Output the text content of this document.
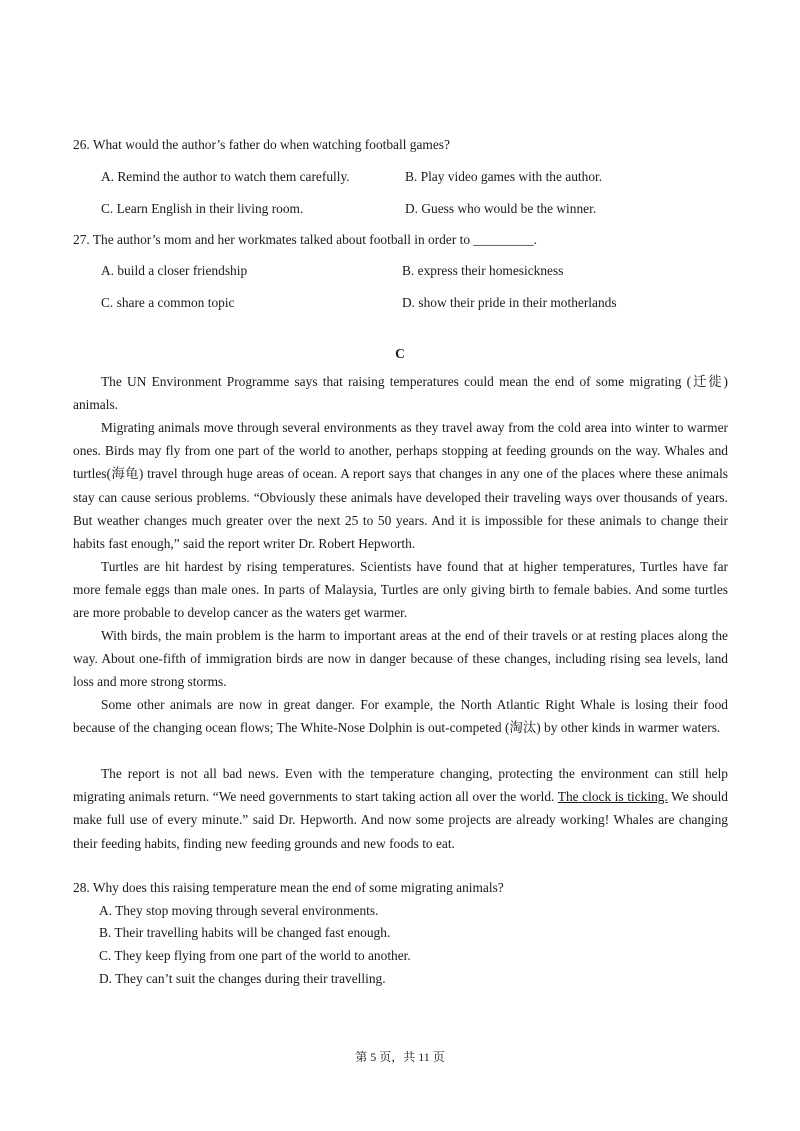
26. What would the author’s father do when watching football games?
A. Remind the author to watch them carefully.	B. Play video games with the author.
C. Learn English in their living room.	D. Guess who would be the winner.
27. The author’s mom and her workmates talked about football in order to _________.
A. build a closer friendship	B. express their homesickness
C. share a common topic	D. show their pride in their motherlands
C

The UN Environment Programme says that raising temperatures could mean the end of some migrating (迁徙) animals.

Migrating animals move through several environments as they travel away from the cold area into winter to warmer ones. Birds may fly from one part of the world to another, perhaps stopping at feeding grounds on the way. Whales and turtles(海龟) travel through huge areas of ocean. A report says that changes in any one of the places where these animals stay can cause serious problems. “Obviously these animals have developed their traveling ways over thousands of years. But weather changes much greater over the next 25 to 50 years. And it is impossible for these animals to change their habits fast enough,” said the report writer Dr. Robert Hepworth.

Turtles are hit hardest by rising temperatures. Scientists have found that at higher temperatures, Turtles have far more female eggs than male ones. In parts of Malaysia, Turtles are only giving birth to female babies. And some turtles are more probable to develop cancer as the waters get warmer.

With birds, the main problem is the harm to important areas at the end of their travels or at resting places along the way. About one-fifth of immigration birds are now in danger because of these changes, including rising sea levels, land loss and more strong storms.

Some other animals are now in great danger. For example, the North Atlantic Right Whale is losing their food because of the changing ocean flows; The White-Nose Dolphin is out-competed (淘汰) by other kinds in warmer waters.

The report is not all bad news. Even with the temperature changing, protecting the environment can still help migrating animals return. “We need governments to start taking action all over the world. The clock is ticking. We should make full use of every minute.” said Dr. Hepworth. And now some projects are already working! Whales are changing their feeding habits, finding new feeding grounds and new foods to eat.

28. Why does this raising temperature mean the end of some migrating animals?
A. They stop moving through several environments.
B. Their travelling habits will be changed fast enough.
C. They keep flying from one part of the world to another.
D. They can’t suit the changes during their travelling.
第 5 页，共 11 页
